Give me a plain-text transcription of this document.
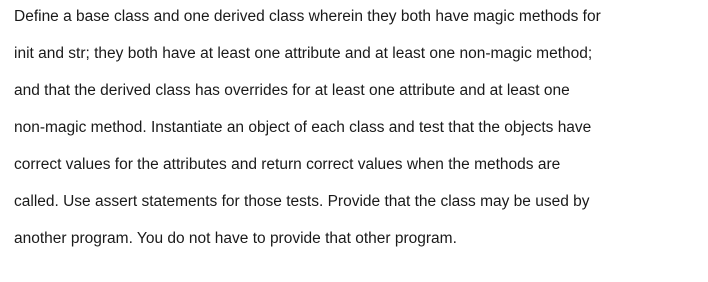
Define a base class and one derived class wherein they both have magic methods for
init and str; they both have at least one attribute and at least one non-magic method;
and that the derived class has overrides for at least one attribute and at least one
non-magic method. Instantiate an object of each class and test that the objects have
correct values for the attributes and return correct values when the methods are
called. Use assert statements for those tests. Provide that the class may be used by
another program. You do not have to provide that other program.
